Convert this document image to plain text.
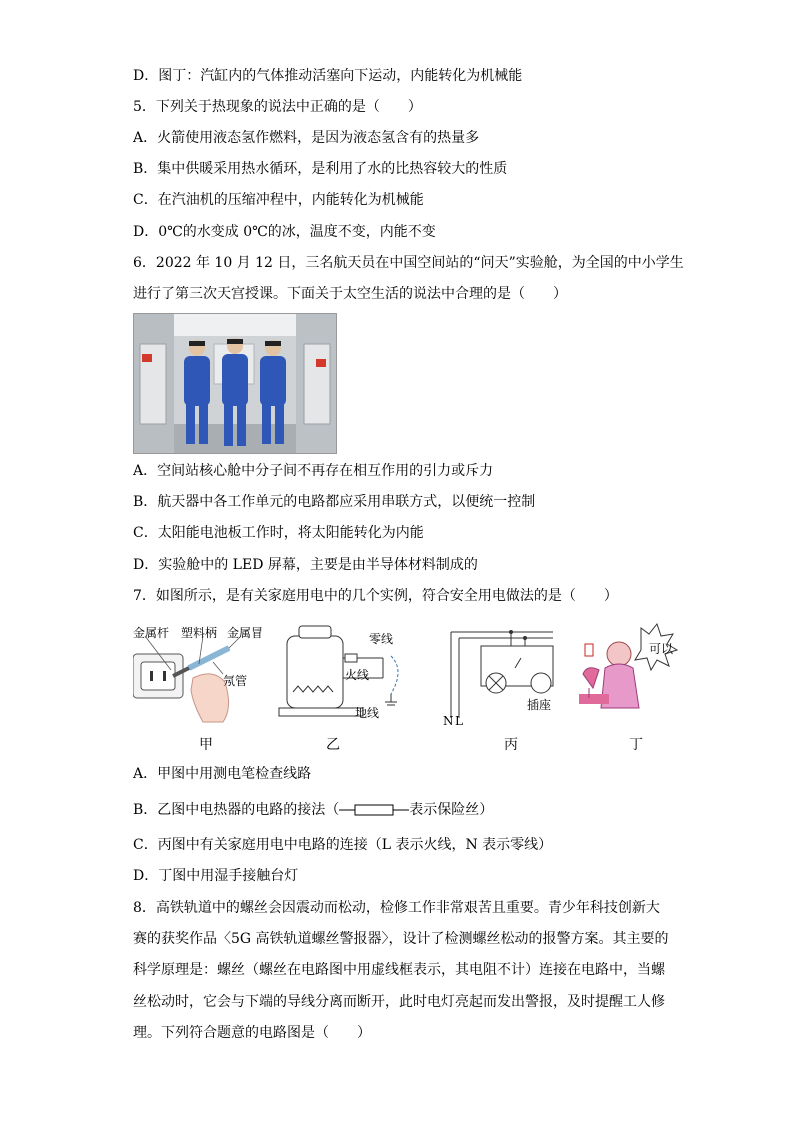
D．图丁：汽缸内的气体推动活塞向下运动，内能转化为机械能
5．下列关于热现象的说法中正确的是（　　）
A．火箭使用液态氢作燃料，是因为液态氢含有的热量多
B．集中供暖采用热水循环，是利用了水的比热容较大的性质
C．在汽油机的压缩冲程中，内能转化为机械能
D．0℃的水变成 0℃的冰，温度不变，内能不变
6．2022 年 10 月 12 日，三名航天员在中国空间站的“问天”实验舱，为全国的中小学生
进行了第三次天宫授课。下面关于太空生活的说法中合理的是（　　）
A．空间站核心舱中分子间不再存在相互作用的引力或斥力
B．航天器中各工作单元的电路都应采用串联方式，以便统一控制
C．太阳能电池板工作时，将太阳能转化为内能
D．实验舱中的 LED 屏幕，主要是由半导体材料制成的
7．如图所示，是有关家庭用电中的几个实例，符合安全用电做法的是（　　）
金属杆 塑料柄 金属冒
氖管
零线
火线
地线
N L
插座
可以
甲	乙	丙	丁
A．甲图中用测电笔检查线路
B．乙图中电热器的电路的接法（	表示保险丝）
C．丙图中有关家庭用电中电路的连接（L 表示火线，N 表示零线）
D．丁图中用湿手接触台灯
8．高铁轨道中的螺丝会因震动而松动，检修工作非常艰苦且重要。青少年科技创新大
赛的获奖作品〈5G 高铁轨道螺丝警报器〉，设计了检测螺丝松动的报警方案。其主要的
科学原理是：螺丝（螺丝在电路图中用虚线框表示，其电阻不计）连接在电路中，当螺
丝松动时，它会与下端的导线分离而断开，此时电灯亮起而发出警报，及时提醒工人修
理。下列符合题意的电路图是（　　）
